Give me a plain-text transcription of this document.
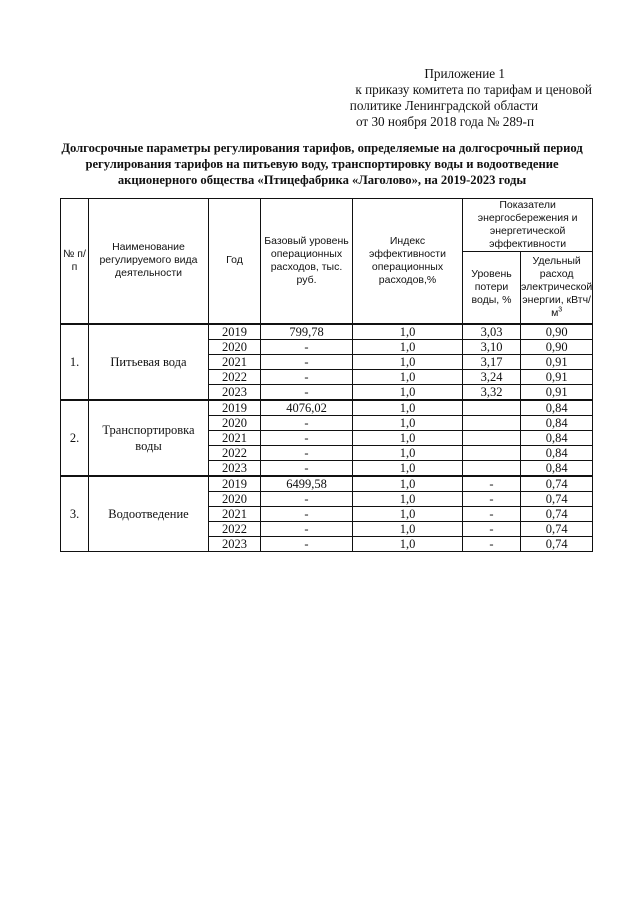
Приложение 1
к приказу комитета по тарифам и ценовой
политике Ленинградской области
от 30 ноября 2018 года № 289-п
Долгосрочные параметры регулирования тарифов, определяемые на долгосрочный период
регулирования тарифов на питьевую воду, транспортировку воды и водоотведение
акционерного общества «Птицефабрика «Лаголово», на 2019-2023 годы
№ п/п	Наименование регулируемого вида деятельности	Год	Базовый уровень операционных расходов, тыс. руб.	Индекс эффективности операционных расходов,%	Показатели энергосбережения и энергетической эффективности	
					Уровень потери воды, %	Удельный расход электрической энергии, кВтч/$м^3$
1.	Питьевая вода	2019	799,78	1,0	3,03	0,90
		2020	-	1,0	3,10	0,90
		2021	-	1,0	3,17	0,91
		2022	-	1,0	3,24	0,91
		2023	-	1,0	3,32	0,91
2.	Транспортировка воды	2019	4076,02	1,0		0,84
		2020	-	1,0		0,84
		2021	-	1,0		0,84
		2022	-	1,0		0,84
		2023	-	1,0		0,84
3.	Водоотведение	2019	6499,58	1,0	-	0,74
		2020	-	1,0	-	0,74
		2021	-	1,0	-	0,74
		2022	-	1,0	-	0,74
		2023	-	1,0	-	0,74
